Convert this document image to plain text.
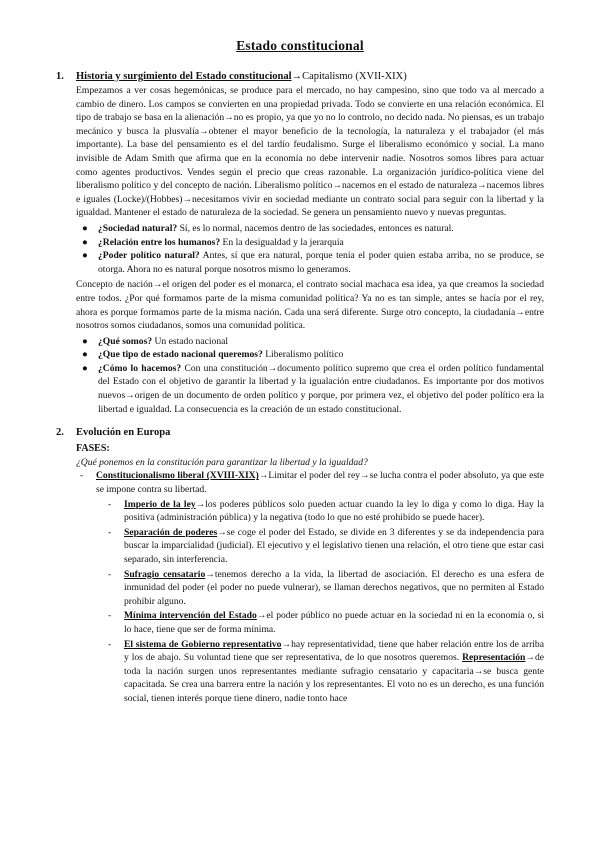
Estado constitucional
1.	Historia y surgimiento del Estado constitucional→Capitalismo (XVII-XIX)

Empezamos a ver cosas hegemónicas, se produce para el mercado, no hay campesino, sino que todo va al mercado a cambio de dinero. Los campos se convierten en una propiedad privada. Todo se convierte en una relación económica. El tipo de trabajo se basa en la alienación→no es propio, ya que yo no lo controlo, no decido nada. No piensas, es un trabajo mecánico y busca la plusvalía→obtener el mayor beneficio de la tecnología, la naturaleza y el trabajador (el más importante). La base del pensamiento es el del tardío feudalismo. Surge el liberalismo económico y social. La mano invisible de Adam Smith que afirma que en la economía no debe intervenir nadie. Nosotros somos libres para actuar como agentes productivos. Vendes según el precio que creas razonable. La organización jurídico-política viene del liberalismo político y del concepto de nación. Liberalismo político→nacemos en el estado de naturaleza→nacemos libres e iguales (Locke)/(Hobbes)→necesitamos vivir en sociedad mediante un contrato social para seguir con la libertad y la igualdad. Mantener el estado de naturaleza de la sociedad. Se genera un pensamiento nuevo y nuevas preguntas.

● ¿Sociedad natural? Sí, es lo normal, nacemos dentro de las sociedades, entonces es natural.
● ¿Relación entre los humanos? En la desigualdad y la jerarquía
● ¿Poder político natural? Antes, sí que era natural, porque tenía el poder quien estaba arriba, no se produce, se otorga. Ahora no es natural porque nosotros mismo lo generamos.

Concepto de nación→el origen del poder es el monarca, el contrato social machaca esa idea, ya que creamos la sociedad entre todos. ¿Por qué formamos parte de la misma comunidad política? Ya no es tan simple, antes se hacía por el rey, ahora es porque formamos parte de la misma nación. Cada una será diferente. Surge otro concepto, la ciudadanía→entre nosotros somos ciudadanos, somos una comunidad política.

● ¿Qué somos? Un estado nacional
● ¿Que tipo de estado nacional queremos? Liberalismo político
● ¿Cómo lo hacemos? Con una constitución→documento político supremo que crea el orden político fundamental del Estado con el objetivo de garantir la libertad y la igualación entre ciudadanos. Es importante por dos motivos nuevos→origen de un documento de orden político y porque, por primera vez, el objetivo del poder político era la libertad e igualdad. La consecuencia es la creación de un estado constitucional.
2.	Evolución en Europa

FASES:

¿Qué ponemos en la constitución para garantizar la libertad y la igualdad?

- Constitucionalismo liberal (XVIII-XIX)→Limitar el poder del rey→se lucha contra el poder absoluto, ya que este se impone contra su libertad.
- Imperio de la ley→los poderes públicos solo pueden actuar cuando la ley lo diga y como lo diga. Hay la positiva (administración pública) y la negativa (todo lo que no esté prohibido se puede hacer).
- Separación de poderes→se coge el poder del Estado, se divide en 3 diferentes y se da independencia para buscar la imparcialidad (judicial). El ejecutivo y el legislativo tienen una relación, el otro tiene que estar casi separado, sin interferencia.
- Sufragio censatario→tenemos derecho a la vida, la libertad de asociación. El derecho es una esfera de inmunidad del poder (el poder no puede vulnerar), se llaman derechos negativos, que no permiten al Estado prohibir alguno.
- Mínima intervención del Estado→el poder público no puede actuar en la sociedad ni en la economía o, si lo hace, tiene que ser de forma mínima.
- El sistema de Gobierno representativo→hay representatividad, tiene que haber relación entre los de arriba y los de abajo. Su voluntad tiene que ser representativa, de lo que nosotros queremos. Representación→de toda la nación surgen unos representantes mediante sufragio censatario y capacitaria→se busca gente capacitada. Se crea una barrera entre la nación y los representantes. El voto no es un derecho, es una función social, tienen interés porque tiene dinero, nadie tonto hace
